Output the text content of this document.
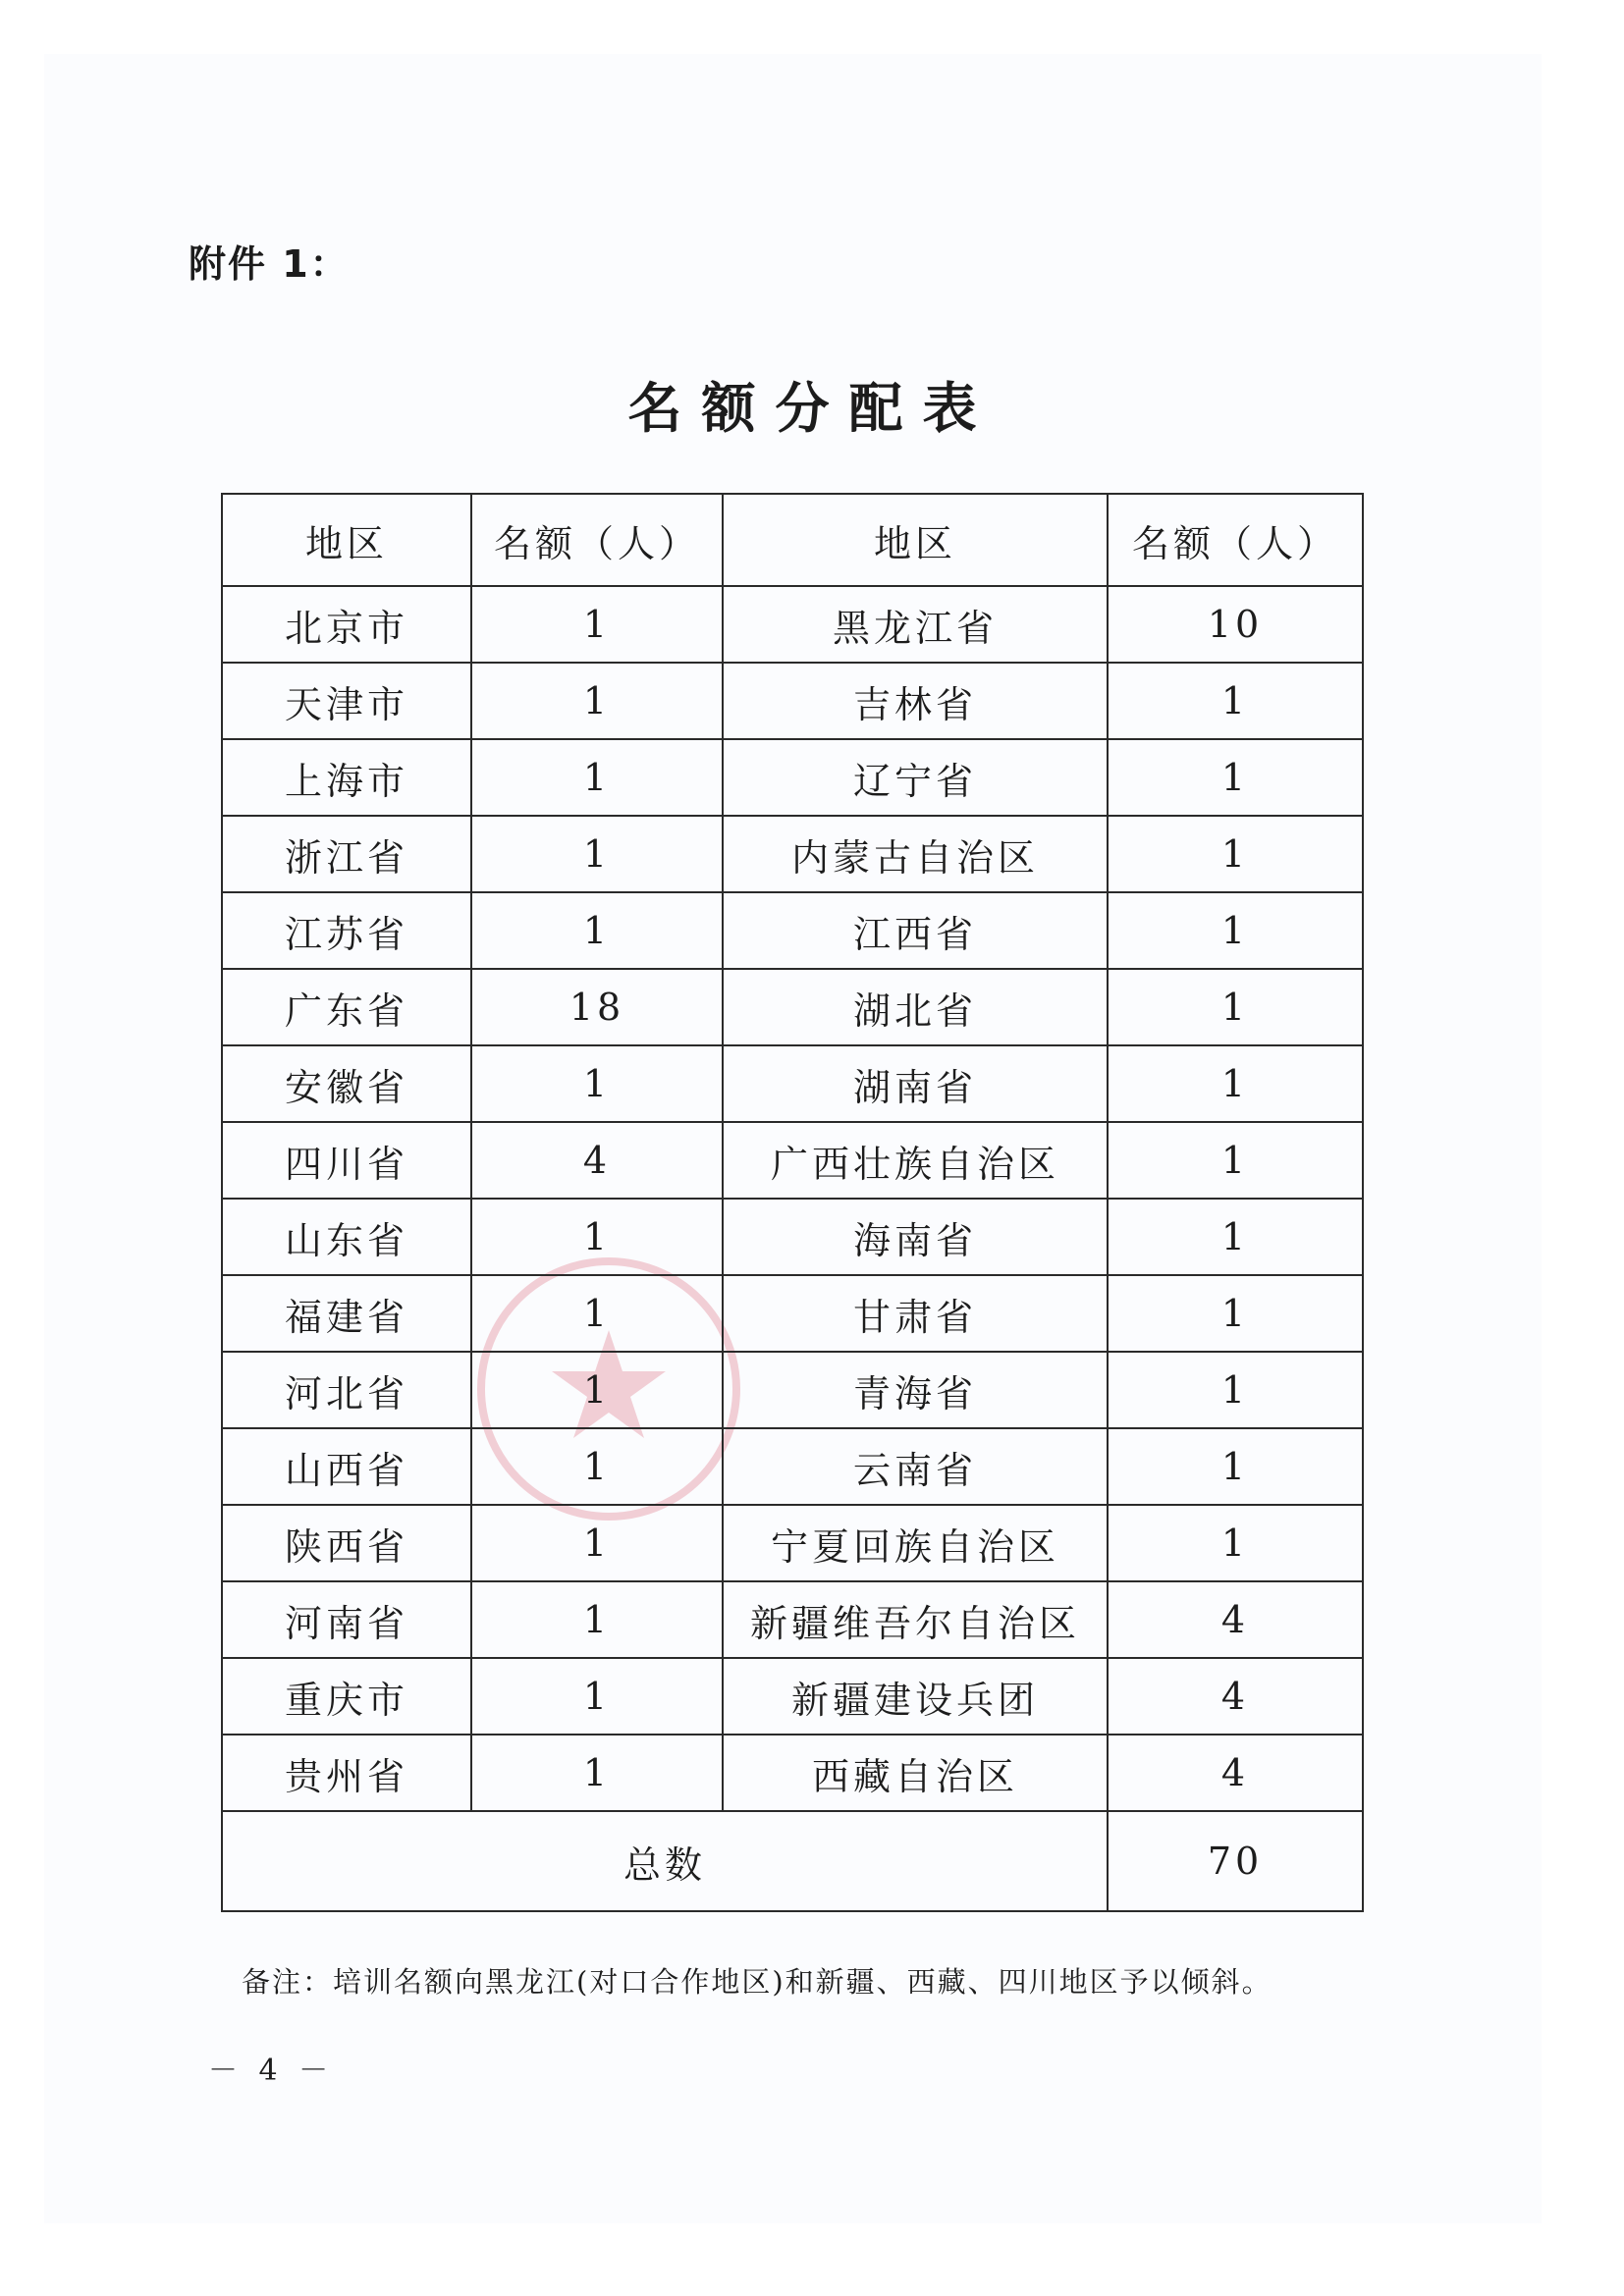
附件 1：
名额分配表
地区	名额（人）	地区	名额（人）
北京市	1	黑龙江省	10
天津市	1	吉林省	1
上海市	1	辽宁省	1
浙江省	1	内蒙古自治区	1
江苏省	1	江西省	1
广东省	18	湖北省	1
安徽省	1	湖南省	1
四川省	4	广西壮族自治区	1
山东省	1	海南省	1
福建省	1	甘肃省	1
河北省	1	青海省	1
山西省	1	云南省	1
陕西省	1	宁夏回族自治区	1
河南省	1	新疆维吾尔自治区	4
重庆市	1	新疆建设兵团	4
贵州省	1	西藏自治区	4
总数			70
备注：培训名额向黑龙江(对口合作地区)和新疆、西藏、四川地区予以倾斜。
－ 4 －
